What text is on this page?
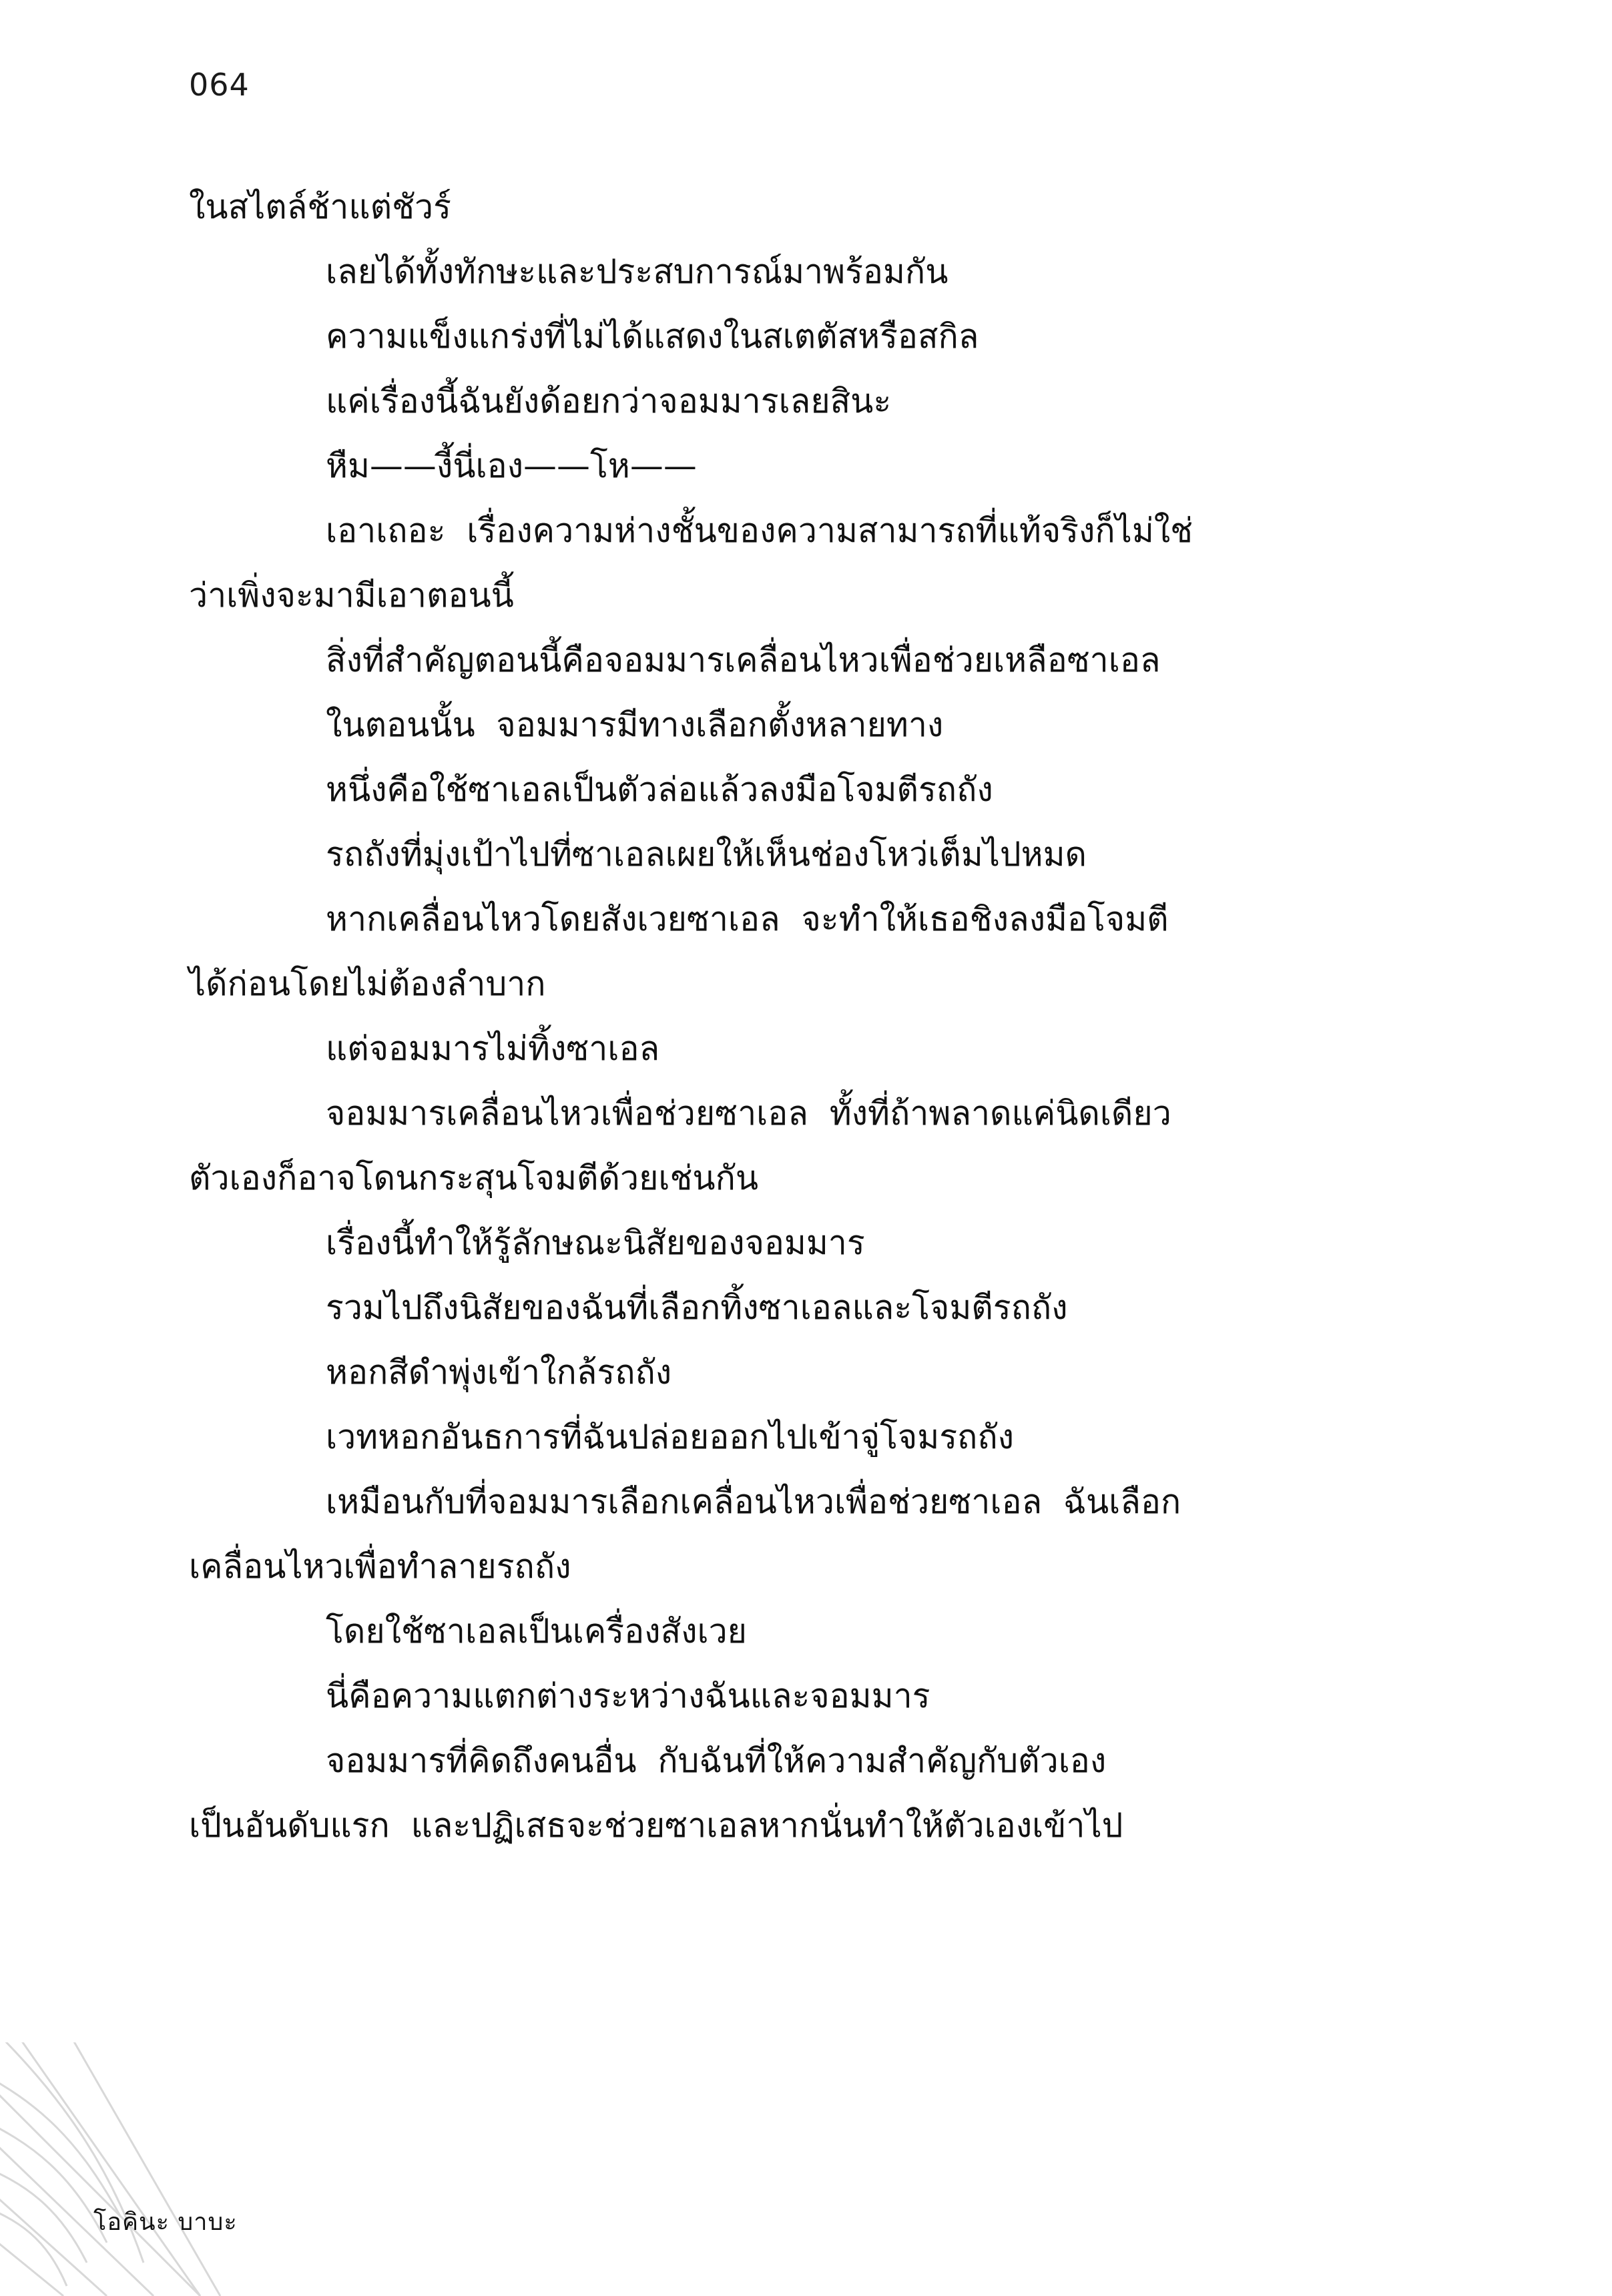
064

ในสไตล์ช้าแต่ชัวร์

เลยได้ทั้งทักษะและประสบการณ์มาพร้อมกัน

ความแข็งแกร่งที่ไม่ได้แสดงในสเตตัสหรือสกิล

แค่เรื่องนี้ฉันยังด้อยกว่าจอมมารเลยสินะ

หืม——งี้นี่เอง——โห——

เอาเถอะ  เรื่องความห่างชั้นของความสามารถที่แท้จริงก็ไม่ใช่

ว่าเพิ่งจะมามีเอาตอนนี้

สิ่งที่สำคัญตอนนี้คือจอมมารเคลื่อนไหวเพื่อช่วยเหลือซาเอล

ในตอนนั้น  จอมมารมีทางเลือกตั้งหลายทาง

หนึ่งคือใช้ซาเอลเป็นตัวล่อแล้วลงมือโจมตีรถถัง

รถถังที่มุ่งเป้าไปที่ซาเอลเผยให้เห็นช่องโหว่เต็มไปหมด

หากเคลื่อนไหวโดยสังเวยซาเอล  จะทำให้เธอชิงลงมือโจมตี

ได้ก่อนโดยไม่ต้องลำบาก

แต่จอมมารไม่ทิ้งซาเอล

จอมมารเคลื่อนไหวเพื่อช่วยซาเอล  ทั้งที่ถ้าพลาดแค่นิดเดียว

ตัวเองก็อาจโดนกระสุนโจมตีด้วยเช่นกัน

เรื่องนี้ทำให้รู้ลักษณะนิสัยของจอมมาร

รวมไปถึงนิสัยของฉันที่เลือกทิ้งซาเอลและโจมตีรถถัง

หอกสีดำพุ่งเข้าใกล้รถถัง

เวทหอกอันธการที่ฉันปล่อยออกไปเข้าจู่โจมรถถัง

เหมือนกับที่จอมมารเลือกเคลื่อนไหวเพื่อช่วยซาเอล  ฉันเลือก

เคลื่อนไหวเพื่อทำลายรถถัง

โดยใช้ซาเอลเป็นเครื่องสังเวย

นี่คือความแตกต่างระหว่างฉันและจอมมาร

จอมมารที่คิดถึงคนอื่น  กับฉันที่ให้ความสำคัญกับตัวเอง

เป็นอันดับแรก  และปฏิเสธจะช่วยซาเอลหากนั่นทำให้ตัวเองเข้าไป

โอคินะ บาบะ
